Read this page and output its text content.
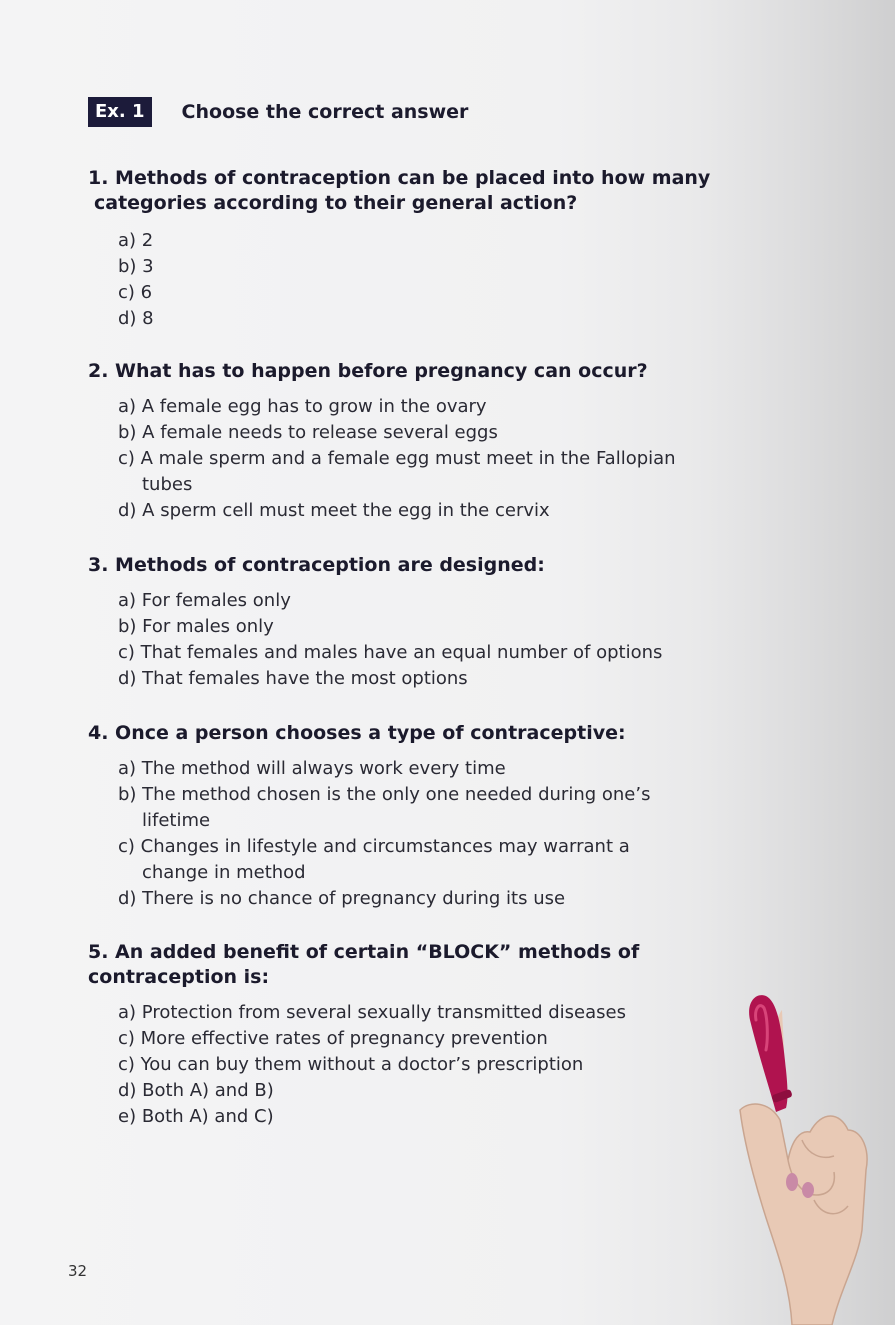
Ex. 1	Choose the correct answer

1. Methods of contraception can be placed into how many
categories according to their general action?

a) 2
b) 3
c) 6
d) 8

2. What has to happen before pregnancy can occur?

a) A female egg has to grow in the ovary
b) A female needs to release several eggs
c) A male sperm and a female egg must meet in the Fallopian
tubes
d) A sperm cell must meet the egg in the cervix

3. Methods of contraception are designed:

a) For females only
b) For males only
c) That females and males have an equal number of options
d) That females have the most options

4. Once a person chooses a type of contraceptive:

a) The method will always work every time
b) The method chosen is the only one needed during one’s
lifetime
c) Changes in lifestyle and circumstances may warrant a
change in method
d) There is no chance of pregnancy during its use

5. An added benefit of certain “BLOCK” methods of
contraception is:

a) Protection from several sexually transmitted diseases
c) More effective rates of pregnancy prevention
c) You can buy them without a doctor’s prescription
d) Both A) and B)
e) Both A) and C)
32
